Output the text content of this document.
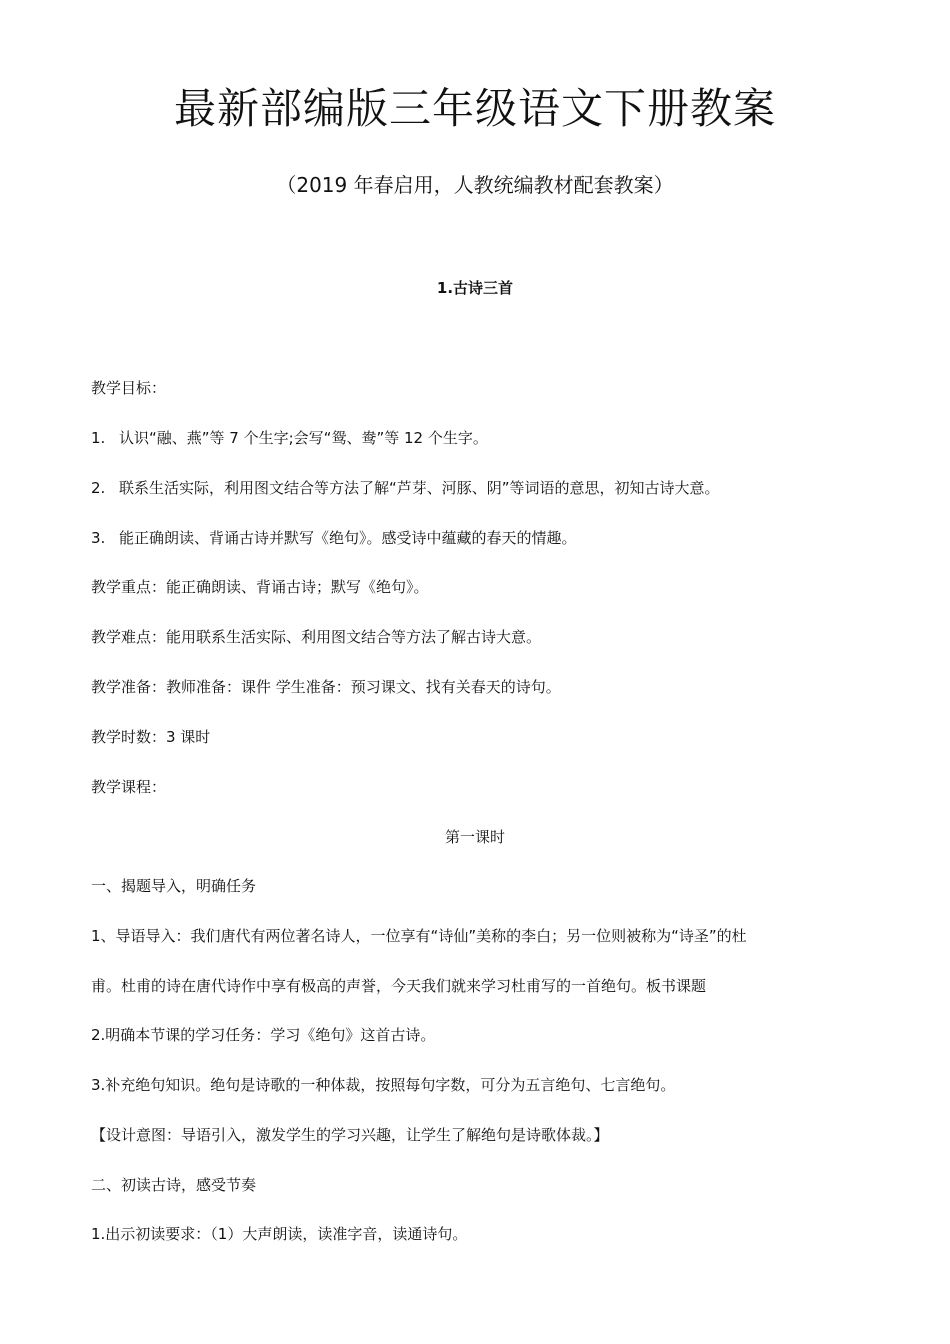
最新部编版三年级语文下册教案
（2019 年春启用，人教统编教材配套教案）
1.古诗三首
教学目标：
1. 认识“融、燕”等 7 个生字;会写“鸳、鸯”等 12 个生字。
2. 联系生活实际，利用图文结合等方法了解“芦芽、河豚、阴”等词语的意思，初知古诗大意。
3. 能正确朗读、背诵古诗并默写《绝句》。感受诗中蕴藏的春天的情趣。
教学重点：能正确朗读、背诵古诗；默写《绝句》。
教学难点：能用联系生活实际、利用图文结合等方法了解古诗大意。
教学准备：教师准备：课件 学生准备：预习课文、找有关春天的诗句。
教学时数：3 课时
教学课程：
第一课时
一、揭题导入，明确任务
1、导语导入：我们唐代有两位著名诗人，一位享有“诗仙”美称的李白；另一位则被称为“诗圣”的杜
甫。杜甫的诗在唐代诗作中享有极高的声誉，今天我们就来学习杜甫写的一首绝句。板书课题
2.明确本节课的学习任务：学习《绝句》这首古诗。
3.补充绝句知识。绝句是诗歌的一种体裁，按照每句字数，可分为五言绝句、七言绝句。
【设计意图：导语引入，激发学生的学习兴趣，让学生了解绝句是诗歌体裁。】
二、初读古诗，感受节奏
1.出示初读要求：（1）大声朗读，读准字音，读通诗句。
